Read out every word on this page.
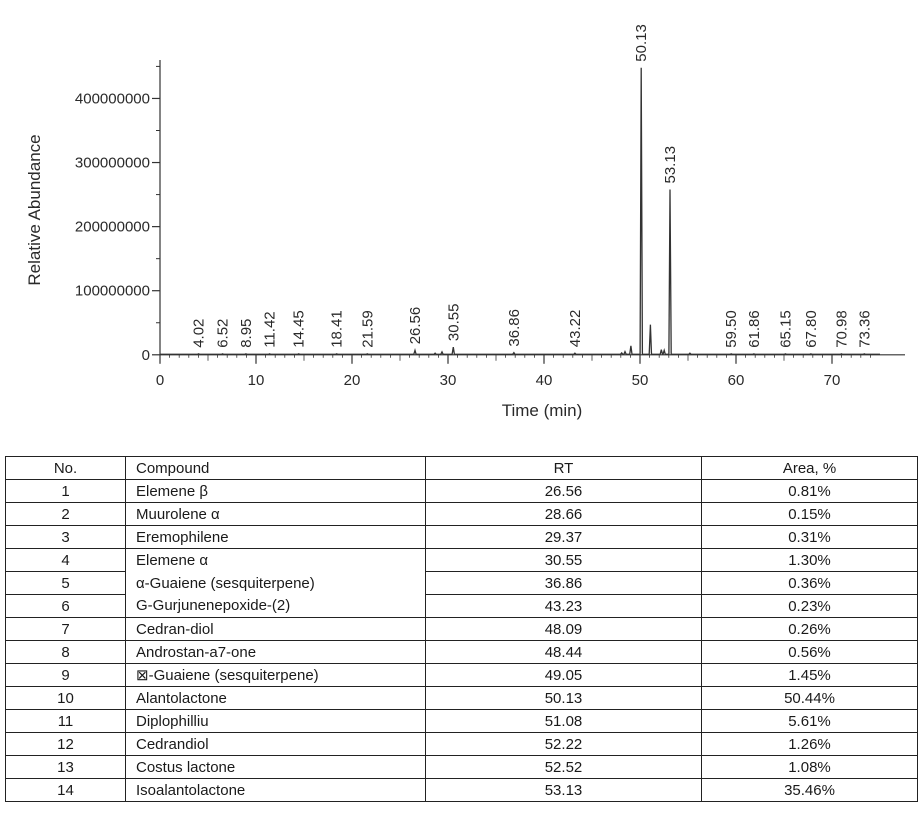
0
100000000
200000000
300000000
400000000
0	10	20	30	40	50	60	70
4.02 6.52 8.95 11.42 14.45 18.41 21.59 26.56 30.55	36.86	43.22
50.13
53.13
59.50 61.86 65.15 67.80 70.98 73.36
Time (min)
Relative Abundance
No.	Compound	RT	Area, %
1	Elemene β	26.56	0.81%
2	Muurolene α	28.66	0.15%
3	Eremophilene	29.37	0.31%
4	Elemene α	30.55	1.30%
5	α-Guaiene (sesquiterpene)	36.86	0.36%
6	G-Gurjunenepoxide-(2)	43.23	0.23%
7	Cedran-diol	48.09	0.26%
8	Androstan-a7-one	48.44	0.56%
9	⊠-Guaiene (sesquiterpene)	49.05	1.45%
10	Alantolactone	50.13	50.44%
11	Diplophilliu	51.08	5.61%
12	Cedrandiol	52.22	1.26%
13	Costus lactone	52.52	1.08%
14	Isoalantolactone	53.13	35.46%
